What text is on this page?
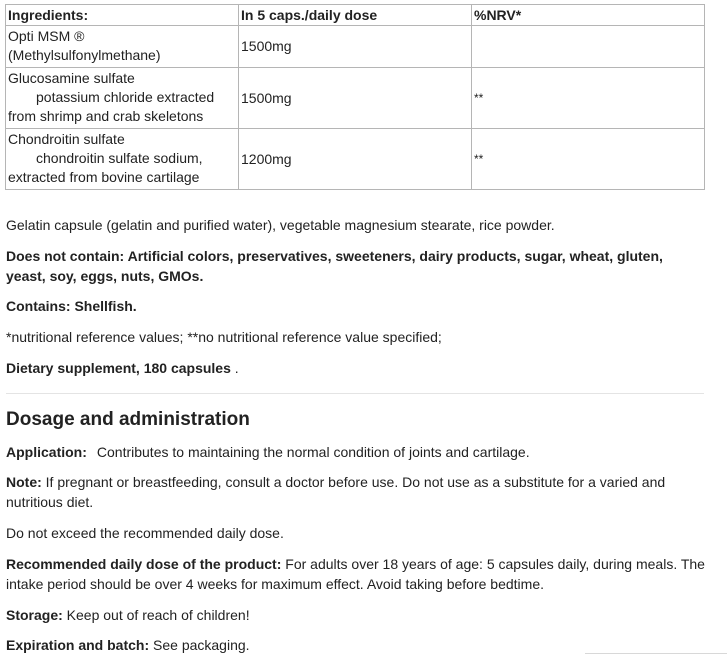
Ingredients:	In 5 caps./daily dose	%NRV*

Opti MSM ®
(Methylsulfonylmethane)	1500mg	

Glucosamine sulfate
potassium chloride extracted
from shrimp and crab skeletons	1500mg	**

Chondroitin sulfate
chondroitin sulfate sodium,
extracted from bovine cartilage	1200mg	**

Gelatin capsule (gelatin and purified water), vegetable magnesium stearate, rice powder.

Does not contain: Artificial colors, preservatives, sweeteners, dairy products, sugar, wheat, gluten, yeast, soy, eggs, nuts, GMOs.

Contains: Shellfish.

*nutritional reference values; **no nutritional reference value specified;

Dietary supplement, 180 capsules .

Dosage and administration

Application: Contributes to maintaining the normal condition of joints and cartilage.

Note: If pregnant or breastfeeding, consult a doctor before use. Do not use as a substitute for a varied and nutritious diet.

Do not exceed the recommended daily dose.

Recommended daily dose of the product: For adults over 18 years of age: 5 capsules daily, during meals. The intake period should be over 4 weeks for maximum effect. Avoid taking before bedtime.

Storage: Keep out of reach of children!

Expiration and batch: See packaging.
